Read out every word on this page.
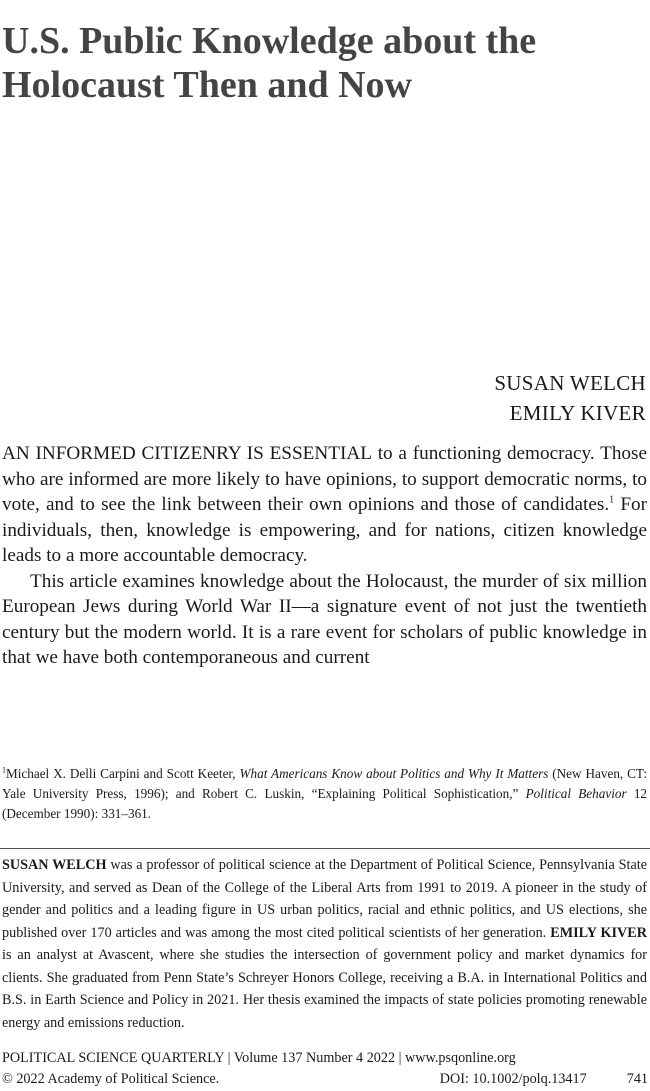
U.S. Public Knowledge about the Holocaust Then and Now
SUSAN WELCH
EMILY KIVER

AN INFORMED CITIZENRY IS ESSENTIAL to a functioning democracy. Those who are informed are more likely to have opinions, to support democratic norms, to vote, and to see the link between their own opinions and those of candidates.$^1$ For individuals, then, knowledge is empowering, and for nations, citizen knowledge leads to a more accountable democracy.

This article examines knowledge about the Holocaust, the murder of six million European Jews during World War II—a signature event of not just the twentieth century but the modern world. It is a rare event for scholars of public knowledge in that we have both contemporaneous and current

$^1$Michael X. Delli Carpini and Scott Keeter, What Americans Know about Politics and Why It Matters (New Haven, CT: Yale University Press, 1996); and Robert C. Luskin, “Explaining Political Sophistication,” Political Behavior 12 (December 1990): 331–361.

SUSAN WELCH was a professor of political science at the Department of Political Science, Pennsylvania State University, and served as Dean of the College of the Liberal Arts from 1991 to 2019. A pioneer in the study of gender and politics and a leading figure in US urban politics, racial and ethnic politics, and US elections, she published over 170 articles and was among the most cited political scientists of her generation. EMILY KIVER is an analyst at Avascent, where she studies the intersection of government policy and market dynamics for clients. She graduated from Penn State’s Schreyer Honors College, receiving a B.A. in International Politics and B.S. in Earth Science and Policy in 2021. Her thesis examined the impacts of state policies promoting renewable energy and emissions reduction.

POLITICAL SCIENCE QUARTERLY | Volume 137 Number 4 2022 | www.psqonline.org
© 2022 Academy of Political Science.	DOI: 10.1002/polq.13417	741
